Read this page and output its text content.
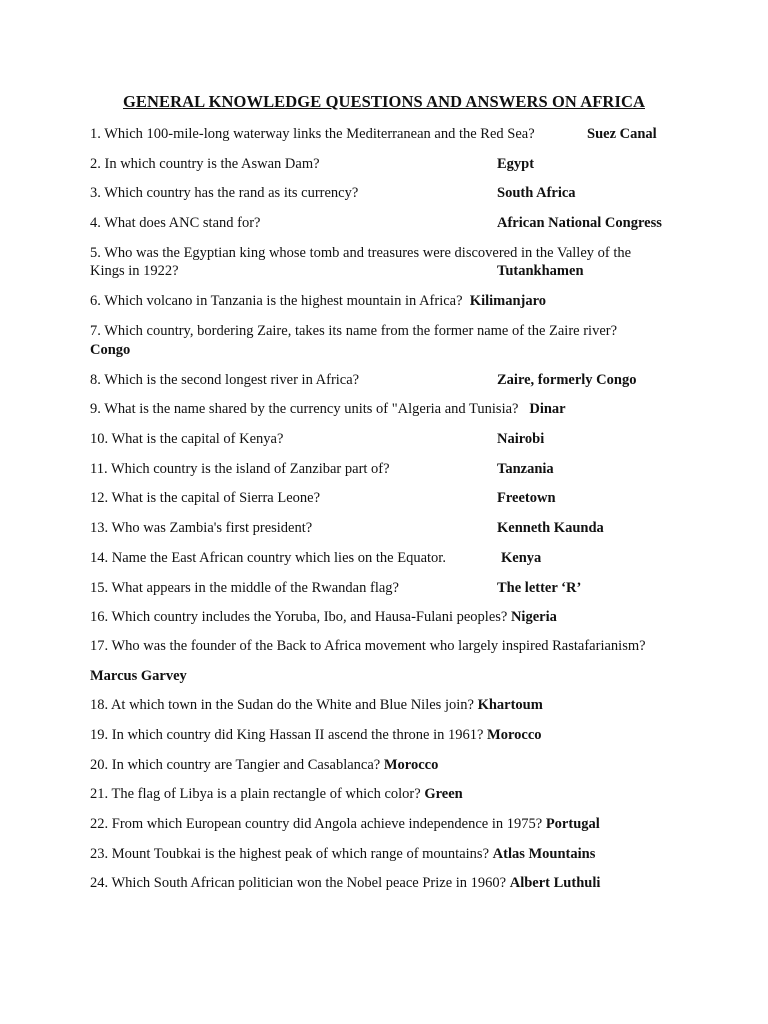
GENERAL KNOWLEDGE QUESTIONS AND ANSWERS ON AFRICA
1. Which 100-mile-long waterway links the Mediterranean and the Red Sea?	Suez Canal
2. In which country is the Aswan Dam?	Egypt
3. Which country has the rand as its currency?	South Africa
4. What does ANC stand for?	African National Congress
5. Who was the Egyptian king whose tomb and treasures were discovered in the Valley of the
Kings in 1922?	Tutankhamen
6. Which volcano in Tanzania is the highest mountain in Africa? Kilimanjaro
7. Which country, bordering Zaire, takes its name from the former name of the Zaire river?
Congo
8. Which is the second longest river in Africa?	Zaire, formerly Congo
9. What is the name shared by the currency units of "Algeria and Tunisia? Dinar
10. What is the capital of Kenya?	Nairobi
11. Which country is the island of Zanzibar part of?	Tanzania
12. What is the capital of Sierra Leone?	Freetown
13. Who was Zambia's first president?	Kenneth Kaunda
14. Name the East African country which lies on the Equator.	Kenya
15. What appears in the middle of the Rwandan flag?	The letter ‘R’
16. Which country includes the Yoruba, Ibo, and Hausa-Fulani peoples? Nigeria
17. Who was the founder of the Back to Africa movement who largely inspired Rastafarianism?
Marcus Garvey
18. At which town in the Sudan do the White and Blue Niles join? Khartoum
19. In which country did King Hassan II ascend the throne in 1961? Morocco
20. In which country are Tangier and Casablanca? Morocco
21. The flag of Libya is a plain rectangle of which color? Green
22. From which European country did Angola achieve independence in 1975? Portugal
23. Mount Toubkai is the highest peak of which range of mountains? Atlas Mountains
24. Which South African politician won the Nobel peace Prize in 1960? Albert Luthuli
